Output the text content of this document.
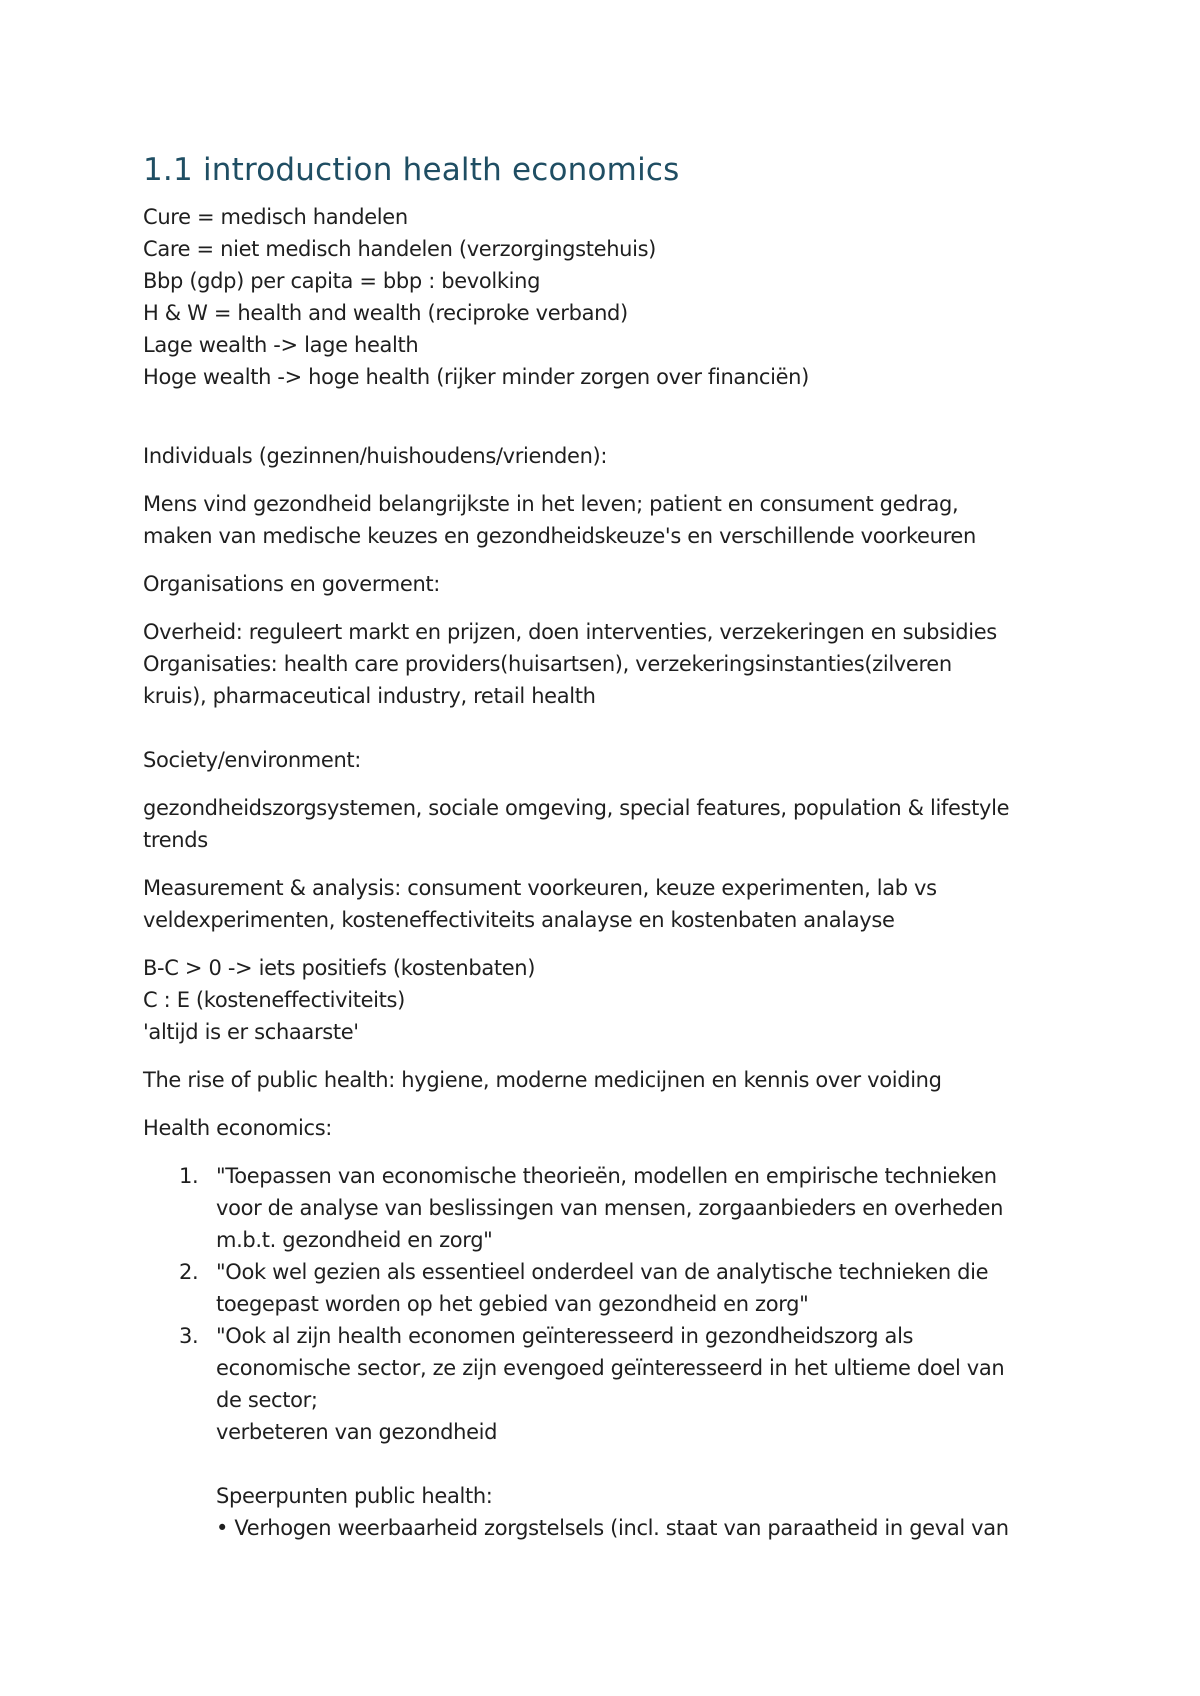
1.1 introduction health economics
Cure = medisch handelen
Care = niet medisch handelen (verzorgingstehuis)
Bbp (gdp) per capita = bbp : bevolking
H & W = health and wealth (reciproke verband)
Lage wealth -> lage health
Hoge wealth -> hoge health (rijker minder zorgen over financiën)
Individuals (gezinnen/huishoudens/vrienden):
Mens vind gezondheid belangrijkste in het leven; patient en consument gedrag,
maken van medische keuzes en gezondheidskeuze's en verschillende voorkeuren
Organisations en goverment:
Overheid: reguleert markt en prijzen, doen interventies, verzekeringen en subsidies
Organisaties: health care providers(huisartsen), verzekeringsinstanties(zilveren
kruis), pharmaceutical industry, retail health
Society/environment:
gezondheidszorgsystemen, sociale omgeving, special features, population & lifestyle
trends
Measurement & analysis: consument voorkeuren, keuze experimenten, lab vs
veldexperimenten, kosteneffectiviteits analayse en kostenbaten analayse
B-C > 0 -> iets positiefs (kostenbaten)
C : E (kosteneffectiviteits)
'altijd is er schaarste'
The rise of public health: hygiene, moderne medicijnen en kennis over voiding
Health economics:
1. "Toepassen van economische theorieën, modellen en empirische technieken
voor de analyse van beslissingen van mensen, zorgaanbieders en overheden
m.b.t. gezondheid en zorg"
2. "Ook wel gezien als essentieel onderdeel van de analytische technieken die
toegepast worden op het gebied van gezondheid en zorg"
3. "Ook al zijn health economen geïnteresseerd in gezondheidszorg als
economische sector, ze zijn evengoed geïnteresseerd in het ultieme doel van
de sector;
verbeteren van gezondheid
Speerpunten public health:
• Verhogen weerbaarheid zorgstelsels (incl. staat van paraatheid in geval van
